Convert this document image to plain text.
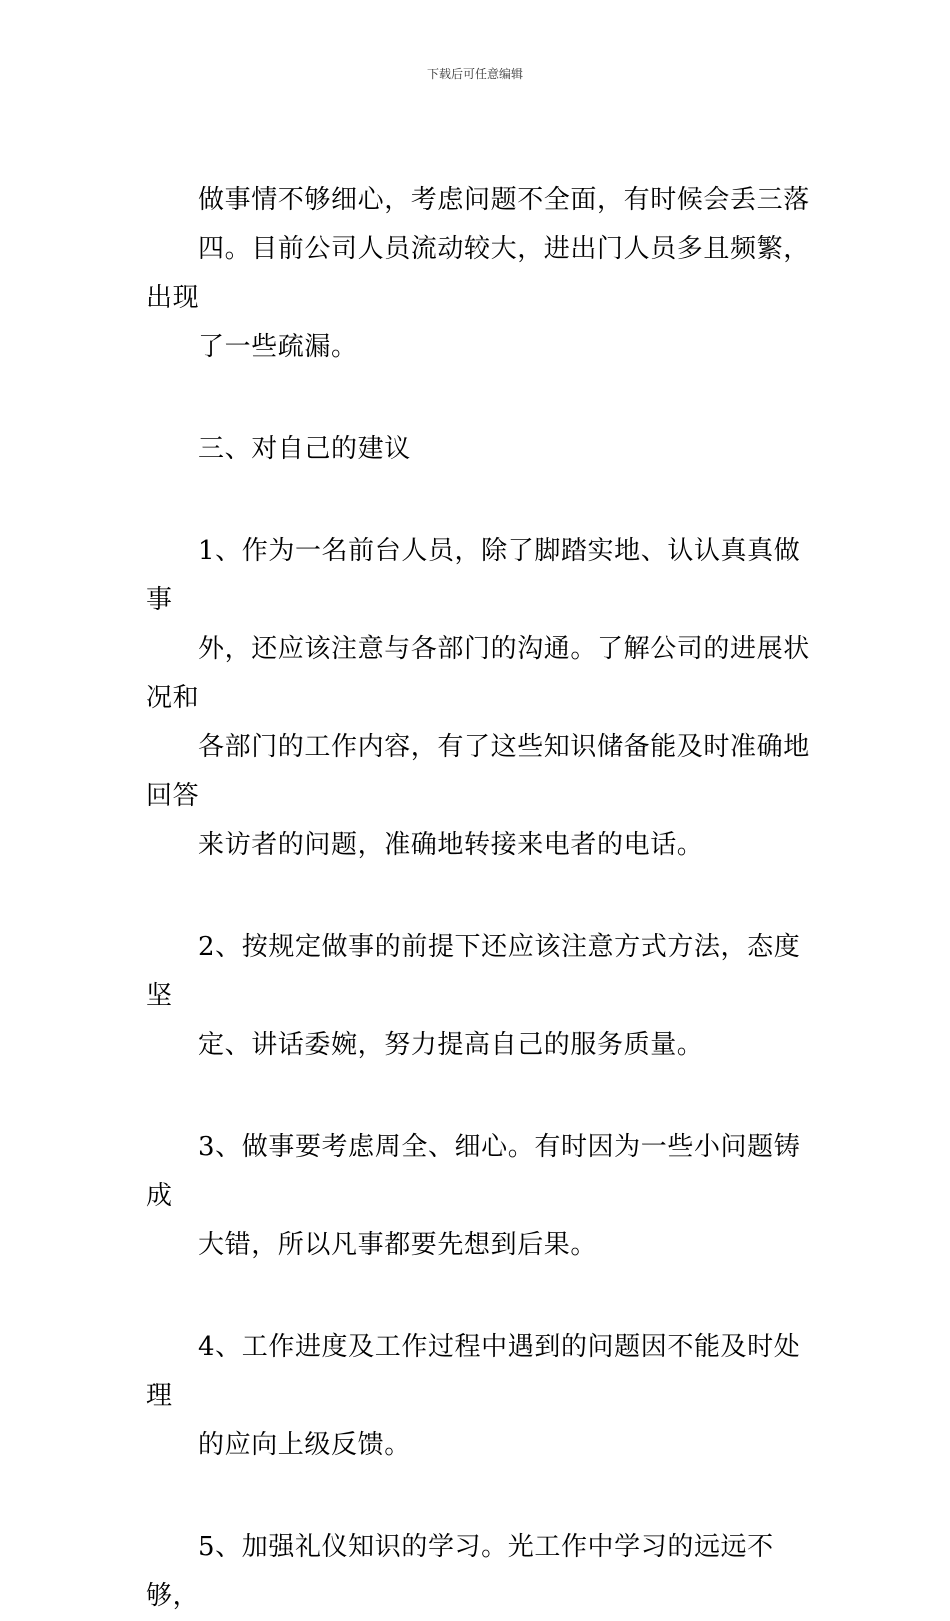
下载后可任意编辑

做事情不够细心，考虑问题不全面，有时候会丢三落
四。目前公司人员流动较大，进出门人员多且频繁，出现
了一些疏漏。

三、对自己的建议

1、作为一名前台人员，除了脚踏实地、认认真真做事
外，还应该注意与各部门的沟通。了解公司的进展状况和
各部门的工作内容，有了这些知识储备能及时准确地回答
来访者的问题，准确地转接来电者的电话。

2、按规定做事的前提下还应该注意方式方法，态度坚
定、讲话委婉，努力提高自己的服务质量。

3、做事要考虑周全、细心。有时因为一些小问题铸成
大错，所以凡事都要先想到后果。

4、工作进度及工作过程中遇到的问题因不能及时处理
的应向上级反馈。

5、加强礼仪知识的学习。光工作中学习的远远不够，
